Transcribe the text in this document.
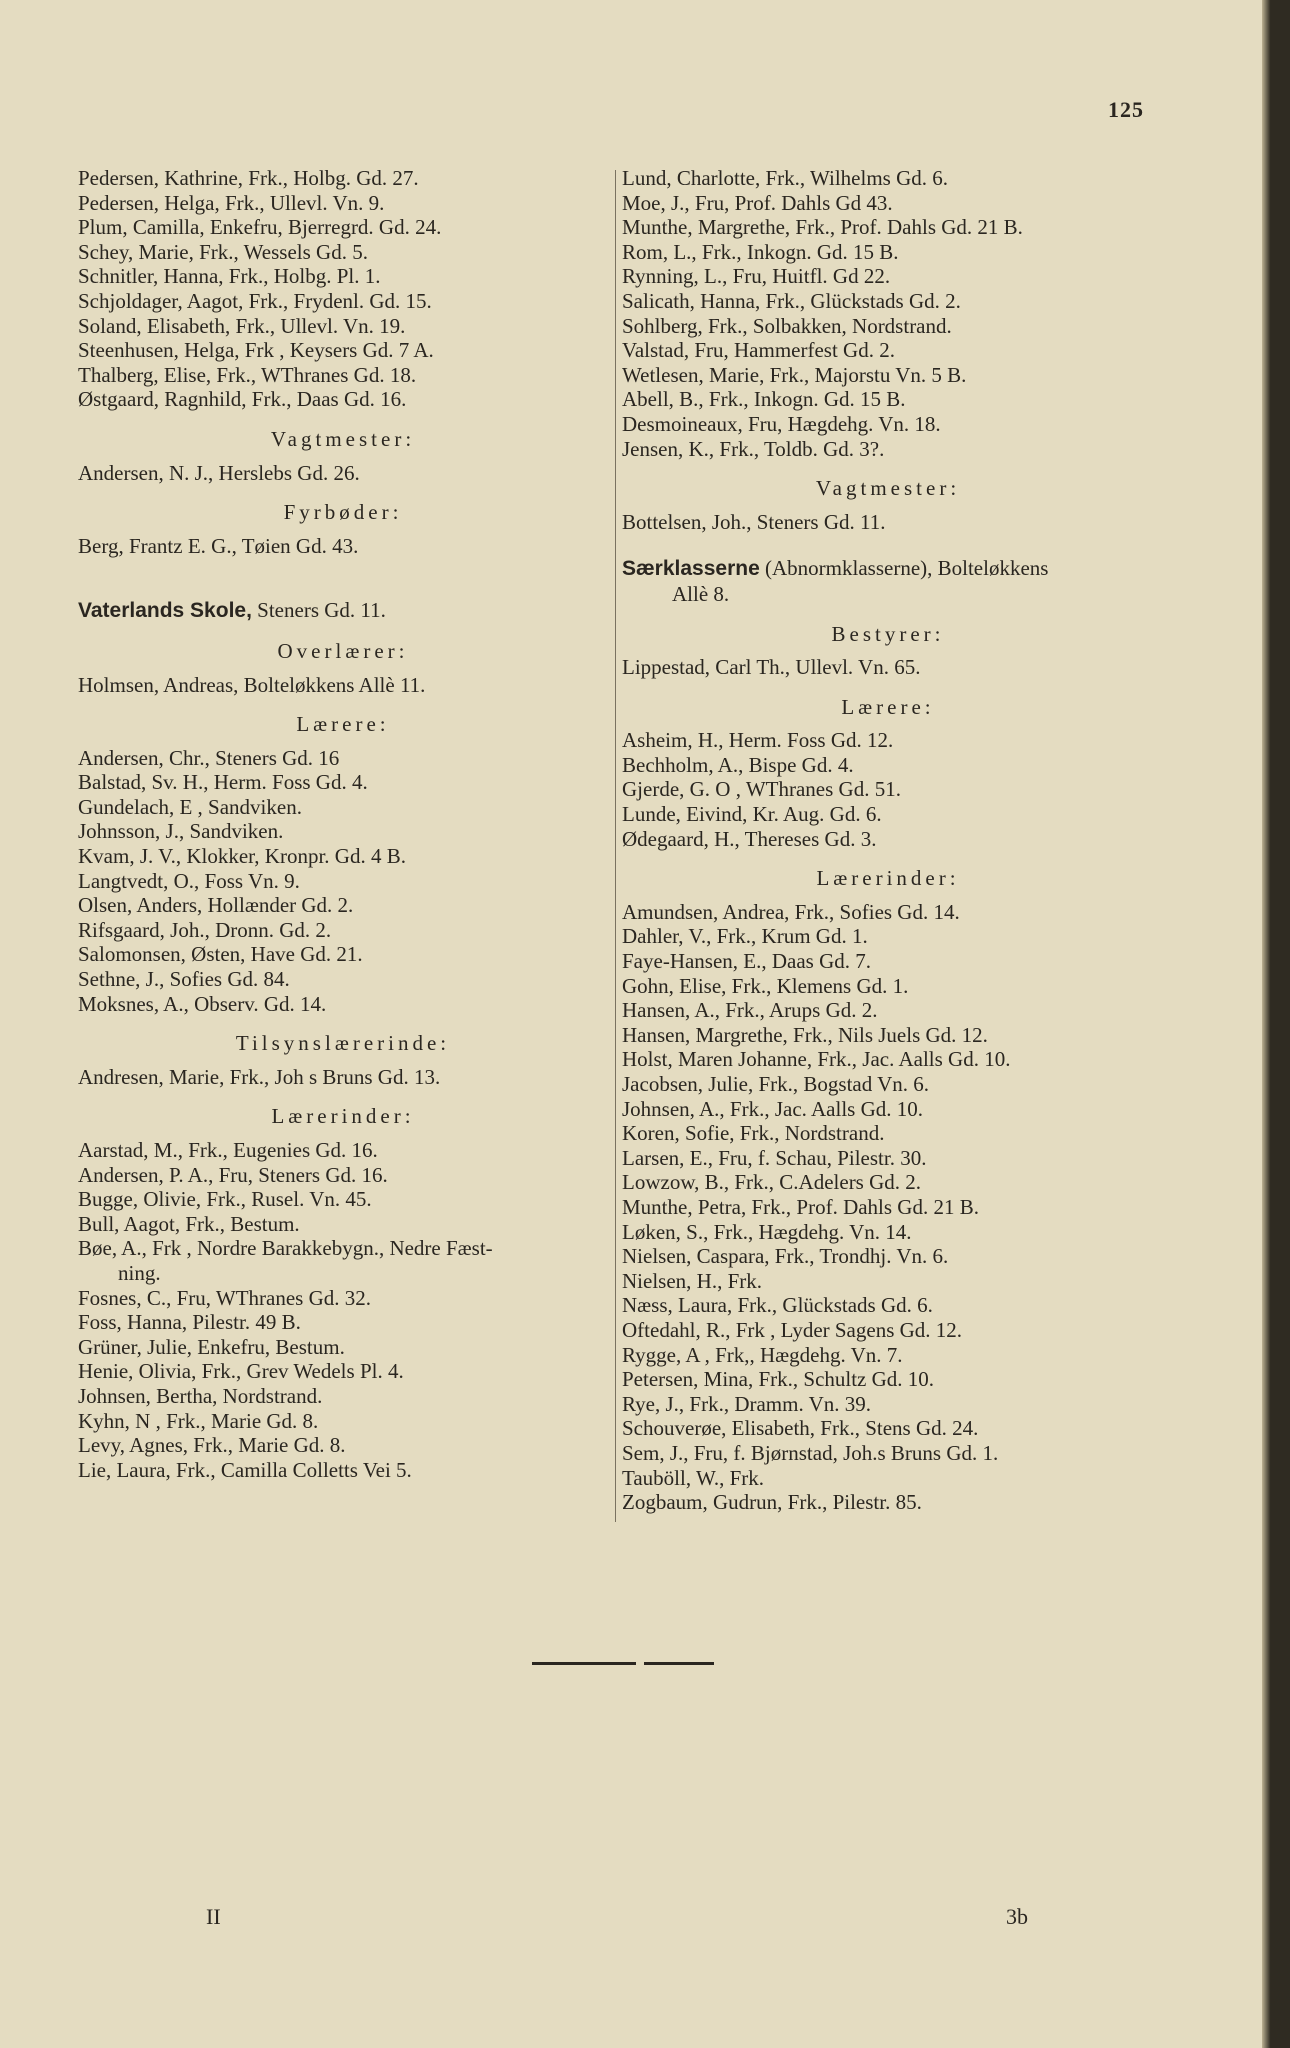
125
Pedersen, Kathrine, Frk., Holbg. Gd. 27.
Pedersen, Helga, Frk., Ullevl. Vn. 9.
Plum, Camilla, Enkefru, Bjerregrd. Gd. 24.
Schey, Marie, Frk., Wessels Gd. 5.
Schnitler, Hanna, Frk., Holbg. Pl. 1.
Schjoldager, Aagot, Frk., Frydenl. Gd. 15.
Soland, Elisabeth, Frk., Ullevl. Vn. 19.
Steenhusen, Helga, Frk , Keysers Gd. 7 A.
Thalberg, Elise, Frk., WThranes Gd. 18.
Østgaard, Ragnhild, Frk., Daas Gd. 16.
Vagtmester:
Andersen, N. J., Herslebs Gd. 26.
Fyrbøder:
Berg, Frantz E. G., Tøien Gd. 43.
Vaterlands Skole, Steners Gd. 11.
Overlærer:
Holmsen, Andreas, Bolteløkkens Allè 11.
Lærere:
Andersen, Chr., Steners Gd. 16
Balstad, Sv. H., Herm. Foss Gd. 4.
Gundelach, E , Sandviken.
Johnsson, J., Sandviken.
Kvam, J. V., Klokker, Kronpr. Gd. 4 B.
Langtvedt, O., Foss Vn. 9.
Olsen, Anders, Hollænder Gd. 2.
Rifsgaard, Joh., Dronn. Gd. 2.
Salomonsen, Østen, Have Gd. 21.
Sethne, J., Sofies Gd. 84.
Moksnes, A., Observ. Gd. 14.
Tilsynslærerinde:
Andresen, Marie, Frk., Joh s Bruns Gd. 13.
Lærerinder:
Aarstad, M., Frk., Eugenies Gd. 16.
Andersen, P. A., Fru, Steners Gd. 16.
Bugge, Olivie, Frk., Rusel. Vn. 45.
Bull, Aagot, Frk., Bestum.
Bøe, A., Frk , Nordre Barakkebygn., Nedre Fæst-
ning.
Fosnes, C., Fru, WThranes Gd. 32.
Foss, Hanna, Pilestr. 49 B.
Grüner, Julie, Enkefru, Bestum.
Henie, Olivia, Frk., Grev Wedels Pl. 4.
Johnsen, Bertha, Nordstrand.
Kyhn, N , Frk., Marie Gd. 8.
Levy, Agnes, Frk., Marie Gd. 8.
Lie, Laura, Frk., Camilla Colletts Vei 5.
Lund, Charlotte, Frk., Wilhelms Gd. 6.
Moe, J., Fru, Prof. Dahls Gd 43.
Munthe, Margrethe, Frk., Prof. Dahls Gd. 21 B.
Rom, L., Frk., Inkogn. Gd. 15 B.
Rynning, L., Fru, Huitfl. Gd 22.
Salicath, Hanna, Frk., Glückstads Gd. 2.
Sohlberg, Frk., Solbakken, Nordstrand.
Valstad, Fru, Hammerfest Gd. 2.
Wetlesen, Marie, Frk., Majorstu Vn. 5 B.
Abell, B., Frk., Inkogn. Gd. 15 B.
Desmoineaux, Fru, Hægdehg. Vn. 18.
Jensen, K., Frk., Toldb. Gd. 3?.
Vagtmester:
Bottelsen, Joh., Steners Gd. 11.
Særklasserne (Abnormklasserne), Bolteløkkens
Allè 8.
Bestyrer:
Lippestad, Carl Th., Ullevl. Vn. 65.
Lærere:
Asheim, H., Herm. Foss Gd. 12.
Bechholm, A., Bispe Gd. 4.
Gjerde, G. O , WThranes Gd. 51.
Lunde, Eivind, Kr. Aug. Gd. 6.
Ødegaard, H., Thereses Gd. 3.
Lærerinder:
Amundsen, Andrea, Frk., Sofies Gd. 14.
Dahler, V., Frk., Krum Gd. 1.
Faye-Hansen, E., Daas Gd. 7.
Gohn, Elise, Frk., Klemens Gd. 1.
Hansen, A., Frk., Arups Gd. 2.
Hansen, Margrethe, Frk., Nils Juels Gd. 12.
Holst, Maren Johanne, Frk., Jac. Aalls Gd. 10.
Jacobsen, Julie, Frk., Bogstad Vn. 6.
Johnsen, A., Frk., Jac. Aalls Gd. 10.
Koren, Sofie, Frk., Nordstrand.
Larsen, E., Fru, f. Schau, Pilestr. 30.
Lowzow, B., Frk., C.Adelers Gd. 2.
Munthe, Petra, Frk., Prof. Dahls Gd. 21 B.
Løken, S., Frk., Hægdehg. Vn. 14.
Nielsen, Caspara, Frk., Trondhj. Vn. 6.
Nielsen, H., Frk.
Næss, Laura, Frk., Glückstads Gd. 6.
Oftedahl, R., Frk , Lyder Sagens Gd. 12.
Rygge, A , Frk,, Hægdehg. Vn. 7.
Petersen, Mina, Frk., Schultz Gd. 10.
Rye, J., Frk., Dramm. Vn. 39.
Schouverøe, Elisabeth, Frk., Stens Gd. 24.
Sem, J., Fru, f. Bjørnstad, Joh.s Bruns Gd. 1.
Tauböll, W., Frk.
Zogbaum, Gudrun, Frk., Pilestr. 85.
II	3b
